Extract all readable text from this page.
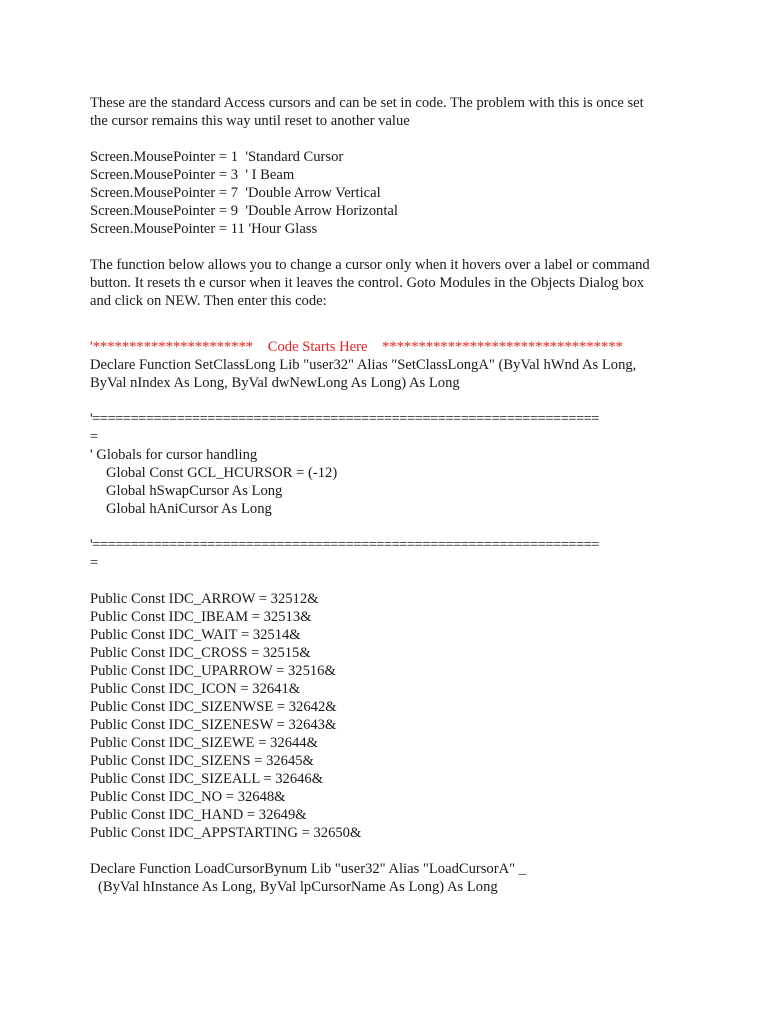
These are the standard Access cursors and can be set in code. The problem with this is once set
the cursor remains this way until reset to another value
Screen.MousePointer = 1  'Standard Cursor
Screen.MousePointer = 3  ' I Beam
Screen.MousePointer = 7  'Double Arrow Vertical
Screen.MousePointer = 9  'Double Arrow Horizontal
Screen.MousePointer = 11 'Hour Glass
The function below allows you to change a cursor only when it hovers over a label or command
button. It resets th e cursor when it leaves the control. Goto Modules in the Objects Dialog box
and click on NEW. Then enter this code:
'**********************    Code Starts Here    *********************************
Declare Function SetClassLong Lib "user32" Alias "SetClassLongA" (ByVal hWnd As Long,
ByVal nIndex As Long, ByVal dwNewLong As Long) As Long
'==================================================================
=
' Globals for cursor handling
Global Const GCL_HCURSOR = (-12)
Global hSwapCursor As Long
Global hAniCursor As Long
'==================================================================
=
Public Const IDC_ARROW = 32512&
Public Const IDC_IBEAM = 32513&
Public Const IDC_WAIT = 32514&
Public Const IDC_CROSS = 32515&
Public Const IDC_UPARROW = 32516&
Public Const IDC_ICON = 32641&
Public Const IDC_SIZENWSE = 32642&
Public Const IDC_SIZENESW = 32643&
Public Const IDC_SIZEWE = 32644&
Public Const IDC_SIZENS = 32645&
Public Const IDC_SIZEALL = 32646&
Public Const IDC_NO = 32648&
Public Const IDC_HAND = 32649&
Public Const IDC_APPSTARTING = 32650&
Declare Function LoadCursorBynum Lib "user32" Alias "LoadCursorA" _
(ByVal hInstance As Long, ByVal lpCursorName As Long) As Long
